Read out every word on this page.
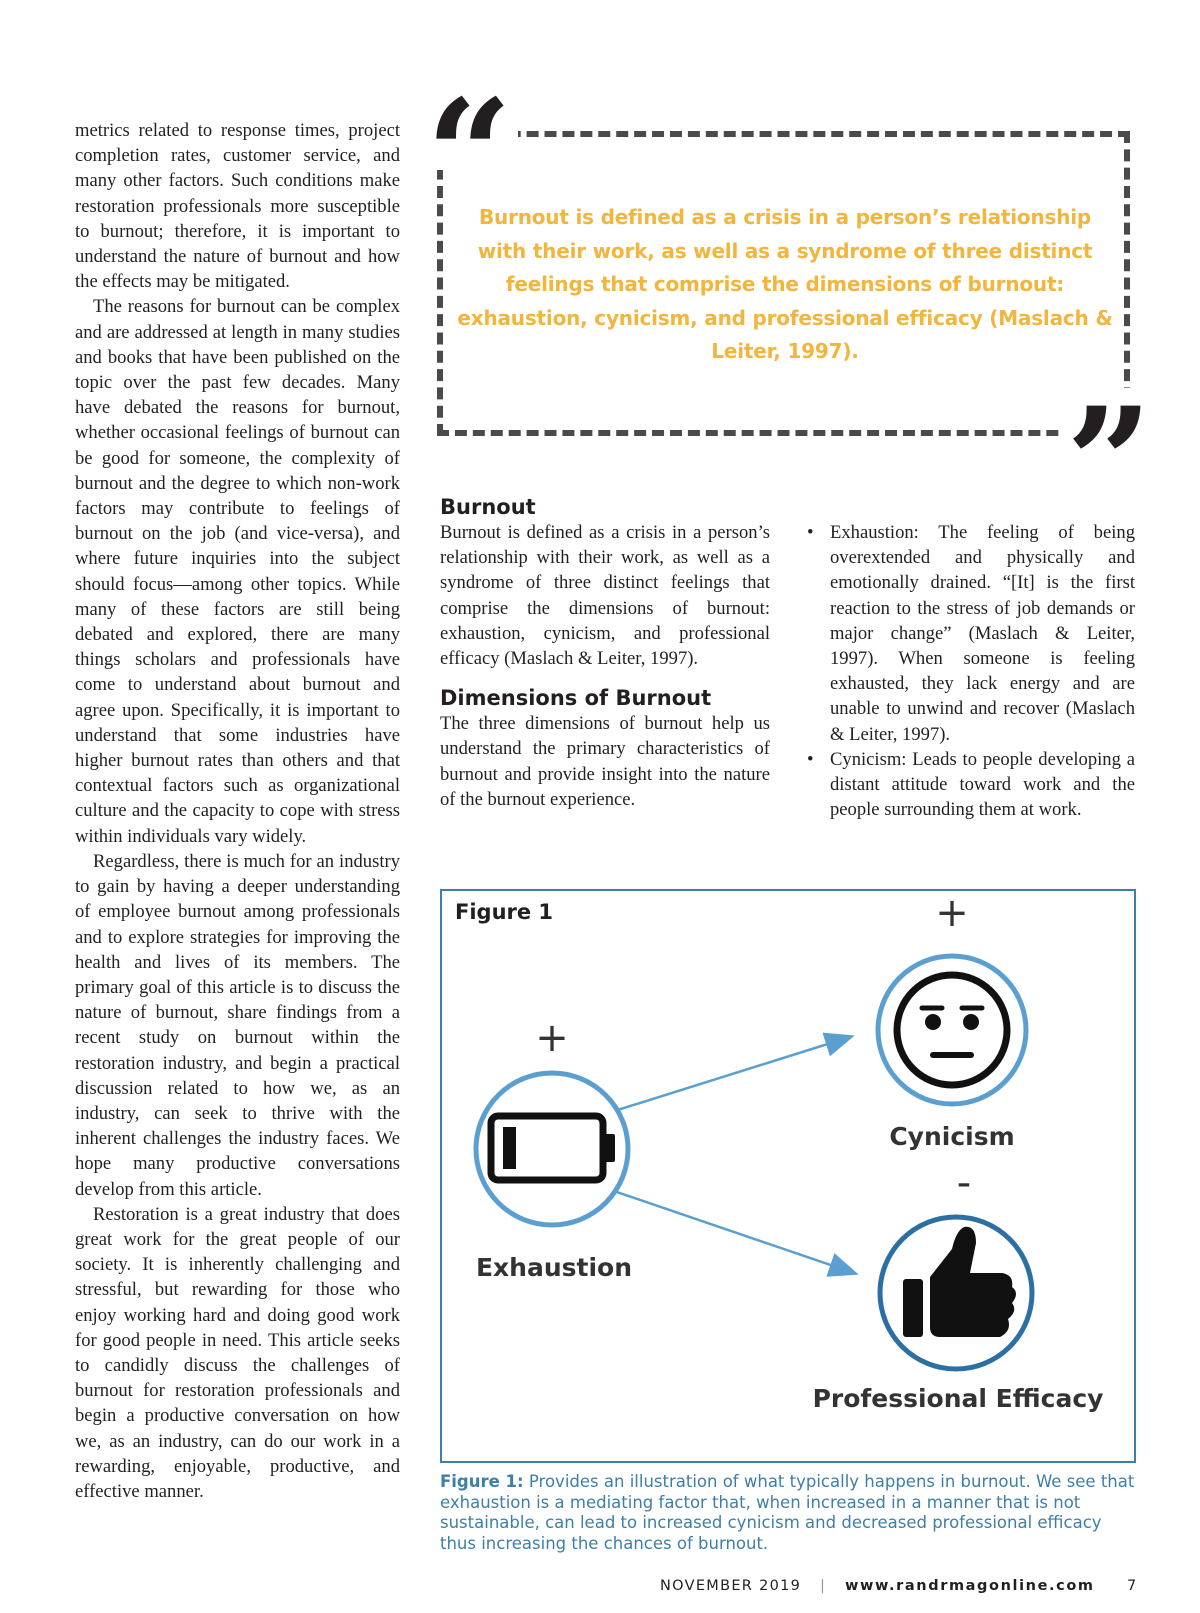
metrics related to response times, project completion rates, customer service, and many other factors. Such conditions make restoration professionals more susceptible to burnout; therefore, it is important to understand the nature of burnout and how the effects may be mitigated.

The reasons for burnout can be complex and are addressed at length in many studies and books that have been published on the topic over the past few decades. Many have debated the reasons for burnout, whether occasional feelings of burnout can be good for someone, the complexity of burnout and the degree to which non-work factors may contribute to feelings of burnout on the job (and vice-versa), and where future inquiries into the subject should focus—among other topics. While many of these factors are still being debated and explored, there are many things scholars and professionals have come to understand about burnout and agree upon. Specifically, it is important to understand that some industries have higher burnout rates than others and that contextual factors such as organizational culture and the capacity to cope with stress within individuals vary widely.

Regardless, there is much for an industry to gain by having a deeper understanding of employee burnout among professionals and to explore strategies for improving the health and lives of its members. The primary goal of this article is to discuss the nature of burnout, share findings from a recent study on burnout within the restoration industry, and begin a practical discussion related to how we, as an industry, can seek to thrive with the inherent challenges the industry faces. We hope many productive conversations develop from this article.

Restoration is a great industry that does great work for the great people of our society. It is inherently challenging and stressful, but rewarding for those who enjoy working hard and doing good work for good people in need. This article seeks to candidly discuss the challenges of burnout for restoration professionals and begin a productive conversation on how we, as an industry, can do our work in a rewarding, enjoyable, productive, and effective manner.

“
”
Burnout is defined as a crisis in a person’s relationship with their work, as well as a syndrome of three distinct feelings that comprise the dimensions of burnout: exhaustion, cynicism, and professional efficacy (Maslach & Leiter, 1997).
Burnout

Burnout is defined as a crisis in a person’s relationship with their work, as well as a syndrome of three distinct feelings that comprise the dimensions of burnout: exhaustion, cynicism, and professional efficacy (Maslach & Leiter, 1997).

Dimensions of Burnout

The three dimensions of burnout help us understand the primary characteristics of burnout and provide insight into the nature of the burnout experience.

• Exhaustion: The feeling of being overextended and physically and emotionally drained. “[It] is the first reaction to the stress of job demands or major change” (Maslach & Leiter, 1997). When someone is feeling exhausted, they lack energy and are unable to unwind and recover (Maslach & Leiter, 1997).
• Cynicism: Leads to people developing a distant attitude toward work and the people surrounding them at work.
Figure 1
+
Exhaustion
+
Cynicism
-
Professional Efficacy
Figure 1: Provides an illustration of what typically happens in burnout. We see that exhaustion is a mediating factor that, when increased in a manner that is not sustainable, can lead to increased cynicism and decreased professional efficacy thus increasing the chances of burnout.
NOVEMBER 2019 | www.randrmagonline.com 7
